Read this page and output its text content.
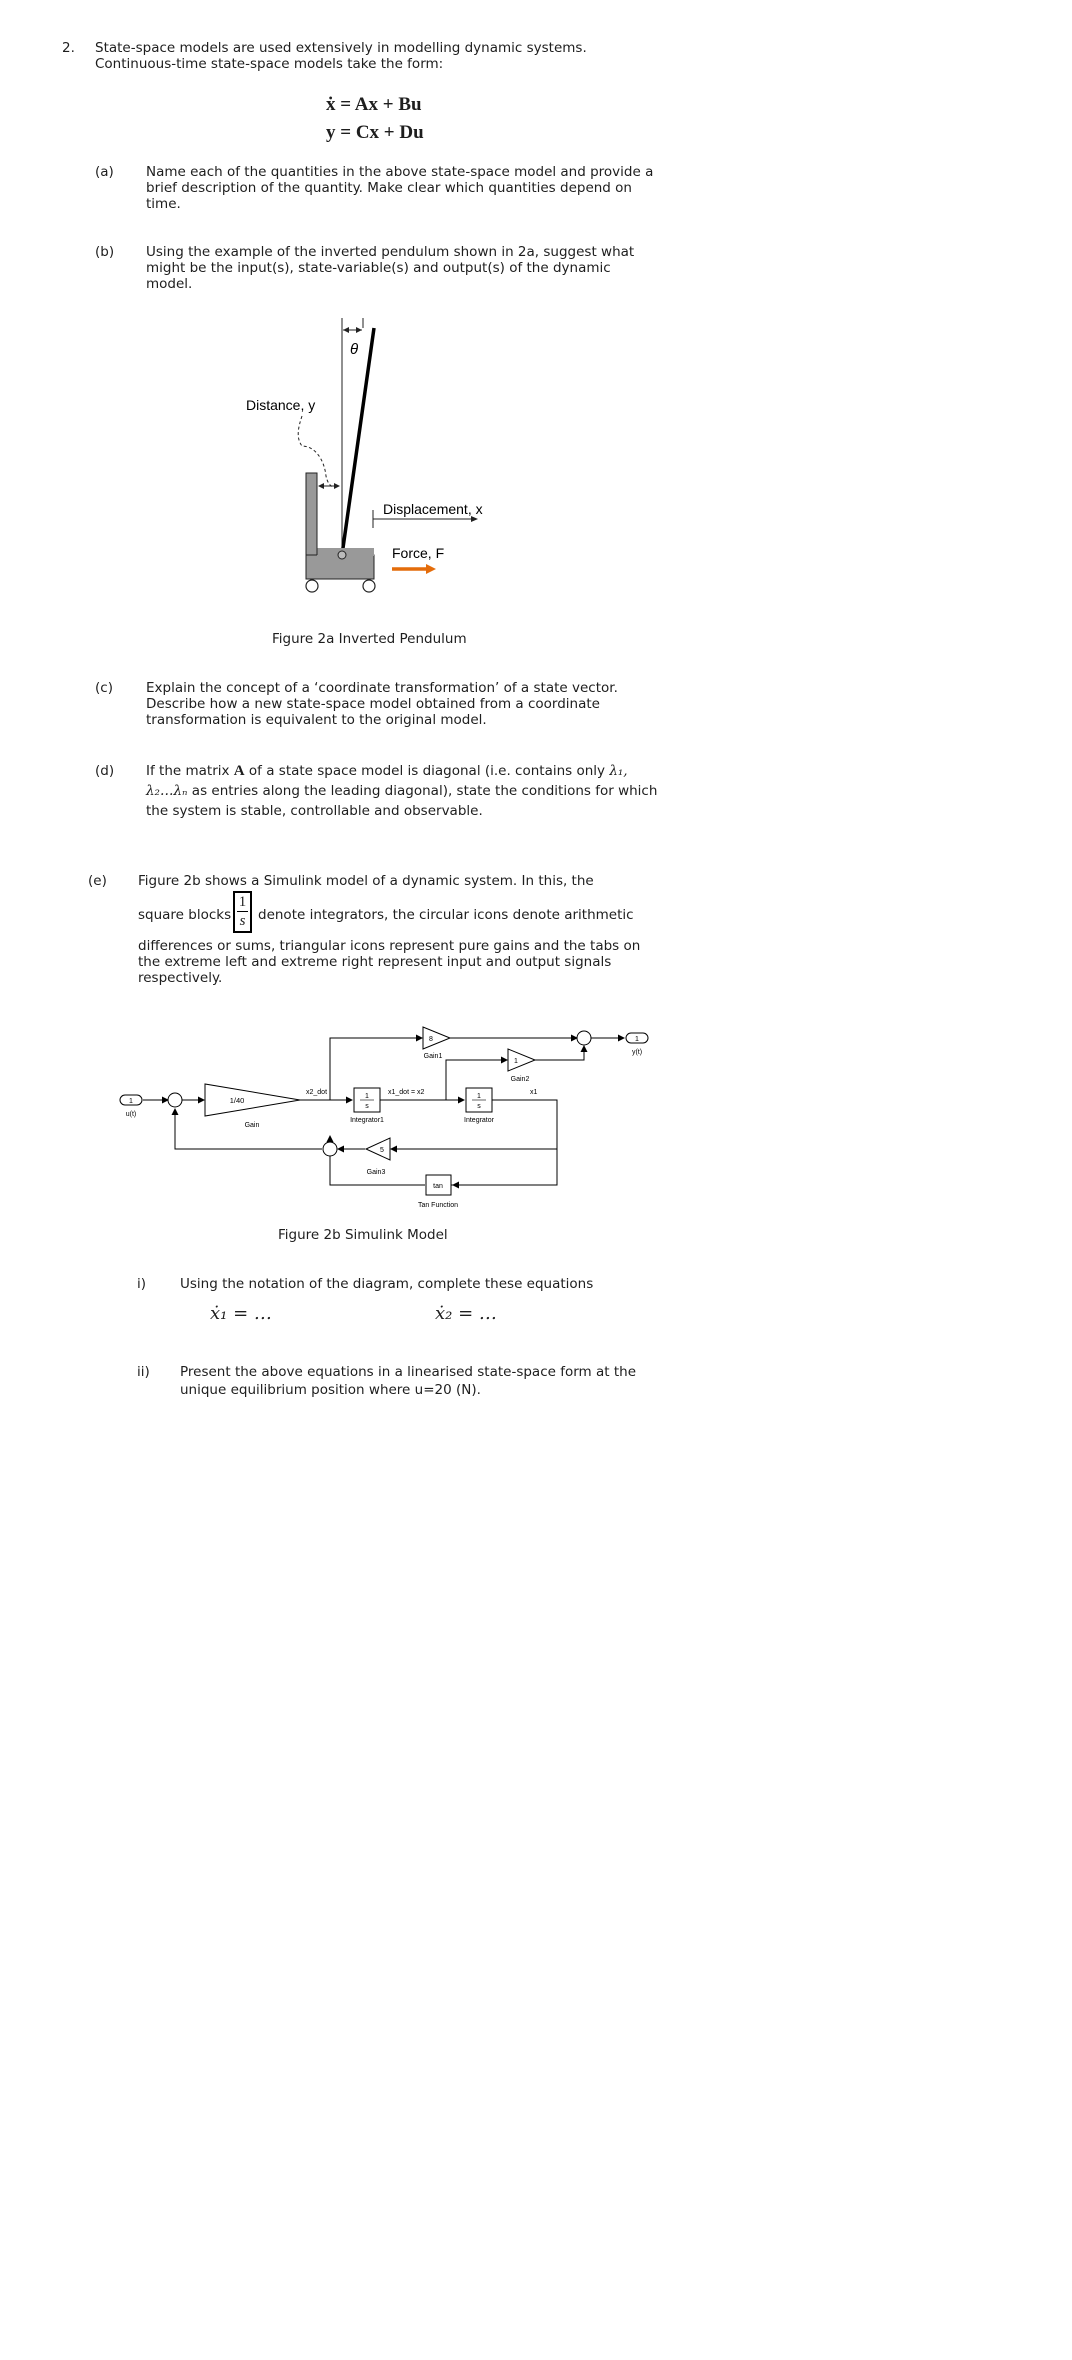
2. State-space models are used extensively in modelling dynamic systems.
Continuous-time state-space models take the form:
ẋ = Ax + Bu
y = Cx + Du
(a) Name each of the quantities in the above state-space model and provide a
brief description of the quantity. Make clear which quantities depend on
time.
(b) Using the example of the inverted pendulum shown in 2a, suggest what
might be the input(s), state-variable(s) and output(s) of the dynamic
model.
θ
Distance, y
Displacement, x
Force, F
Figure 2a Inverted Pendulum
(c) Explain the concept of a ‘coordinate transformation’ of a state vector.
Describe how a new state-space model obtained from a coordinate
transformation is equivalent to the original model.
(d) If the matrix A of a state space model is diagonal (i.e. contains only λ₁,
λ₂…λₙ as entries along the leading diagonal), state the conditions for which
the system is stable, controllable and observable.
(e) Figure 2b shows a Simulink model of a dynamic system. In this, the
square blocks
1
s denote integrators, the circular icons denote arithmetic
differences or sums, triangular icons represent pure gains and the tabs on
the extreme left and extreme right represent input and output signals
respectively.
1
u(t)
1/40
Gain
x2_dot	x1_dot = x2	x1
1
s
Integrator1
1
s
Integrator
8
Gain1
1
Gain2
1
y(t)
5
Gain3
tan
Tan Function
Figure 2b Simulink Model
i)	Using the notation of the diagram, complete these equations
ẋ₁ = …	ẋ₂ = …
ii) Present the above equations in a linearised state-space form at the
unique equilibrium position where u=20 (N).
